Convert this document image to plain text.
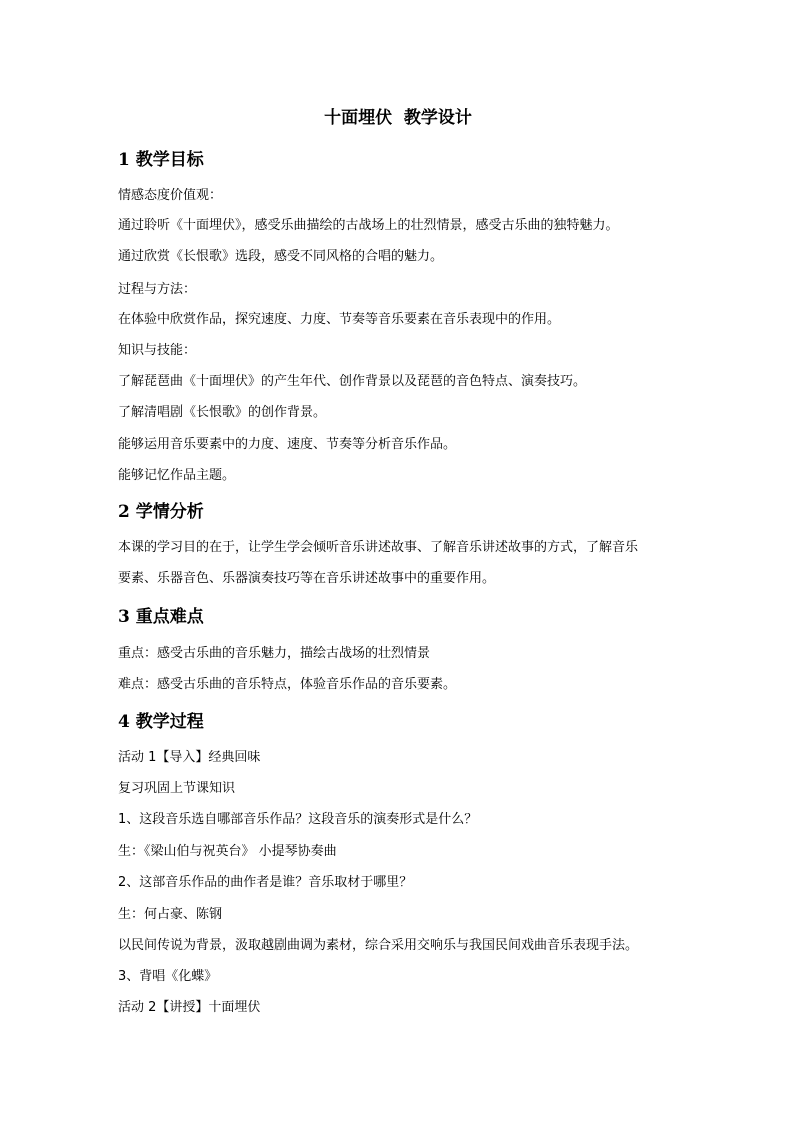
十面埋伏  教学设计
1 教学目标
情感态度价值观：
通过聆听《十面埋伏》，感受乐曲描绘的古战场上的壮烈情景，感受古乐曲的独特魅力。
通过欣赏《长恨歌》选段，感受不同风格的合唱的魅力。
过程与方法：
在体验中欣赏作品，探究速度、力度、节奏等音乐要素在音乐表现中的作用。
知识与技能：
了解琵琶曲《十面埋伏》的产生年代、创作背景以及琵琶的音色特点、演奏技巧。
了解清唱剧《长恨歌》的创作背景。
能够运用音乐要素中的力度、速度、节奏等分析音乐作品。
能够记忆作品主题。
2 学情分析
本课的学习目的在于，让学生学会倾听音乐讲述故事、了解音乐讲述故事的方式，了解音乐
要素、乐器音色、乐器演奏技巧等在音乐讲述故事中的重要作用。
3 重点难点
重点：感受古乐曲的音乐魅力，描绘古战场的壮烈情景
难点：感受古乐曲的音乐特点，体验音乐作品的音乐要素。
4 教学过程
活动 1【导入】经典回味
复习巩固上节课知识
1、这段音乐选自哪部音乐作品？这段音乐的演奏形式是什么？
生：《梁山伯与祝英台》 小提琴协奏曲
2、这部音乐作品的曲作者是谁？音乐取材于哪里？
生：何占豪、陈钢
以民间传说为背景，汲取越剧曲调为素材，综合采用交响乐与我国民间戏曲音乐表现手法。
3、背唱《化蝶》
活动 2【讲授】十面埋伏
